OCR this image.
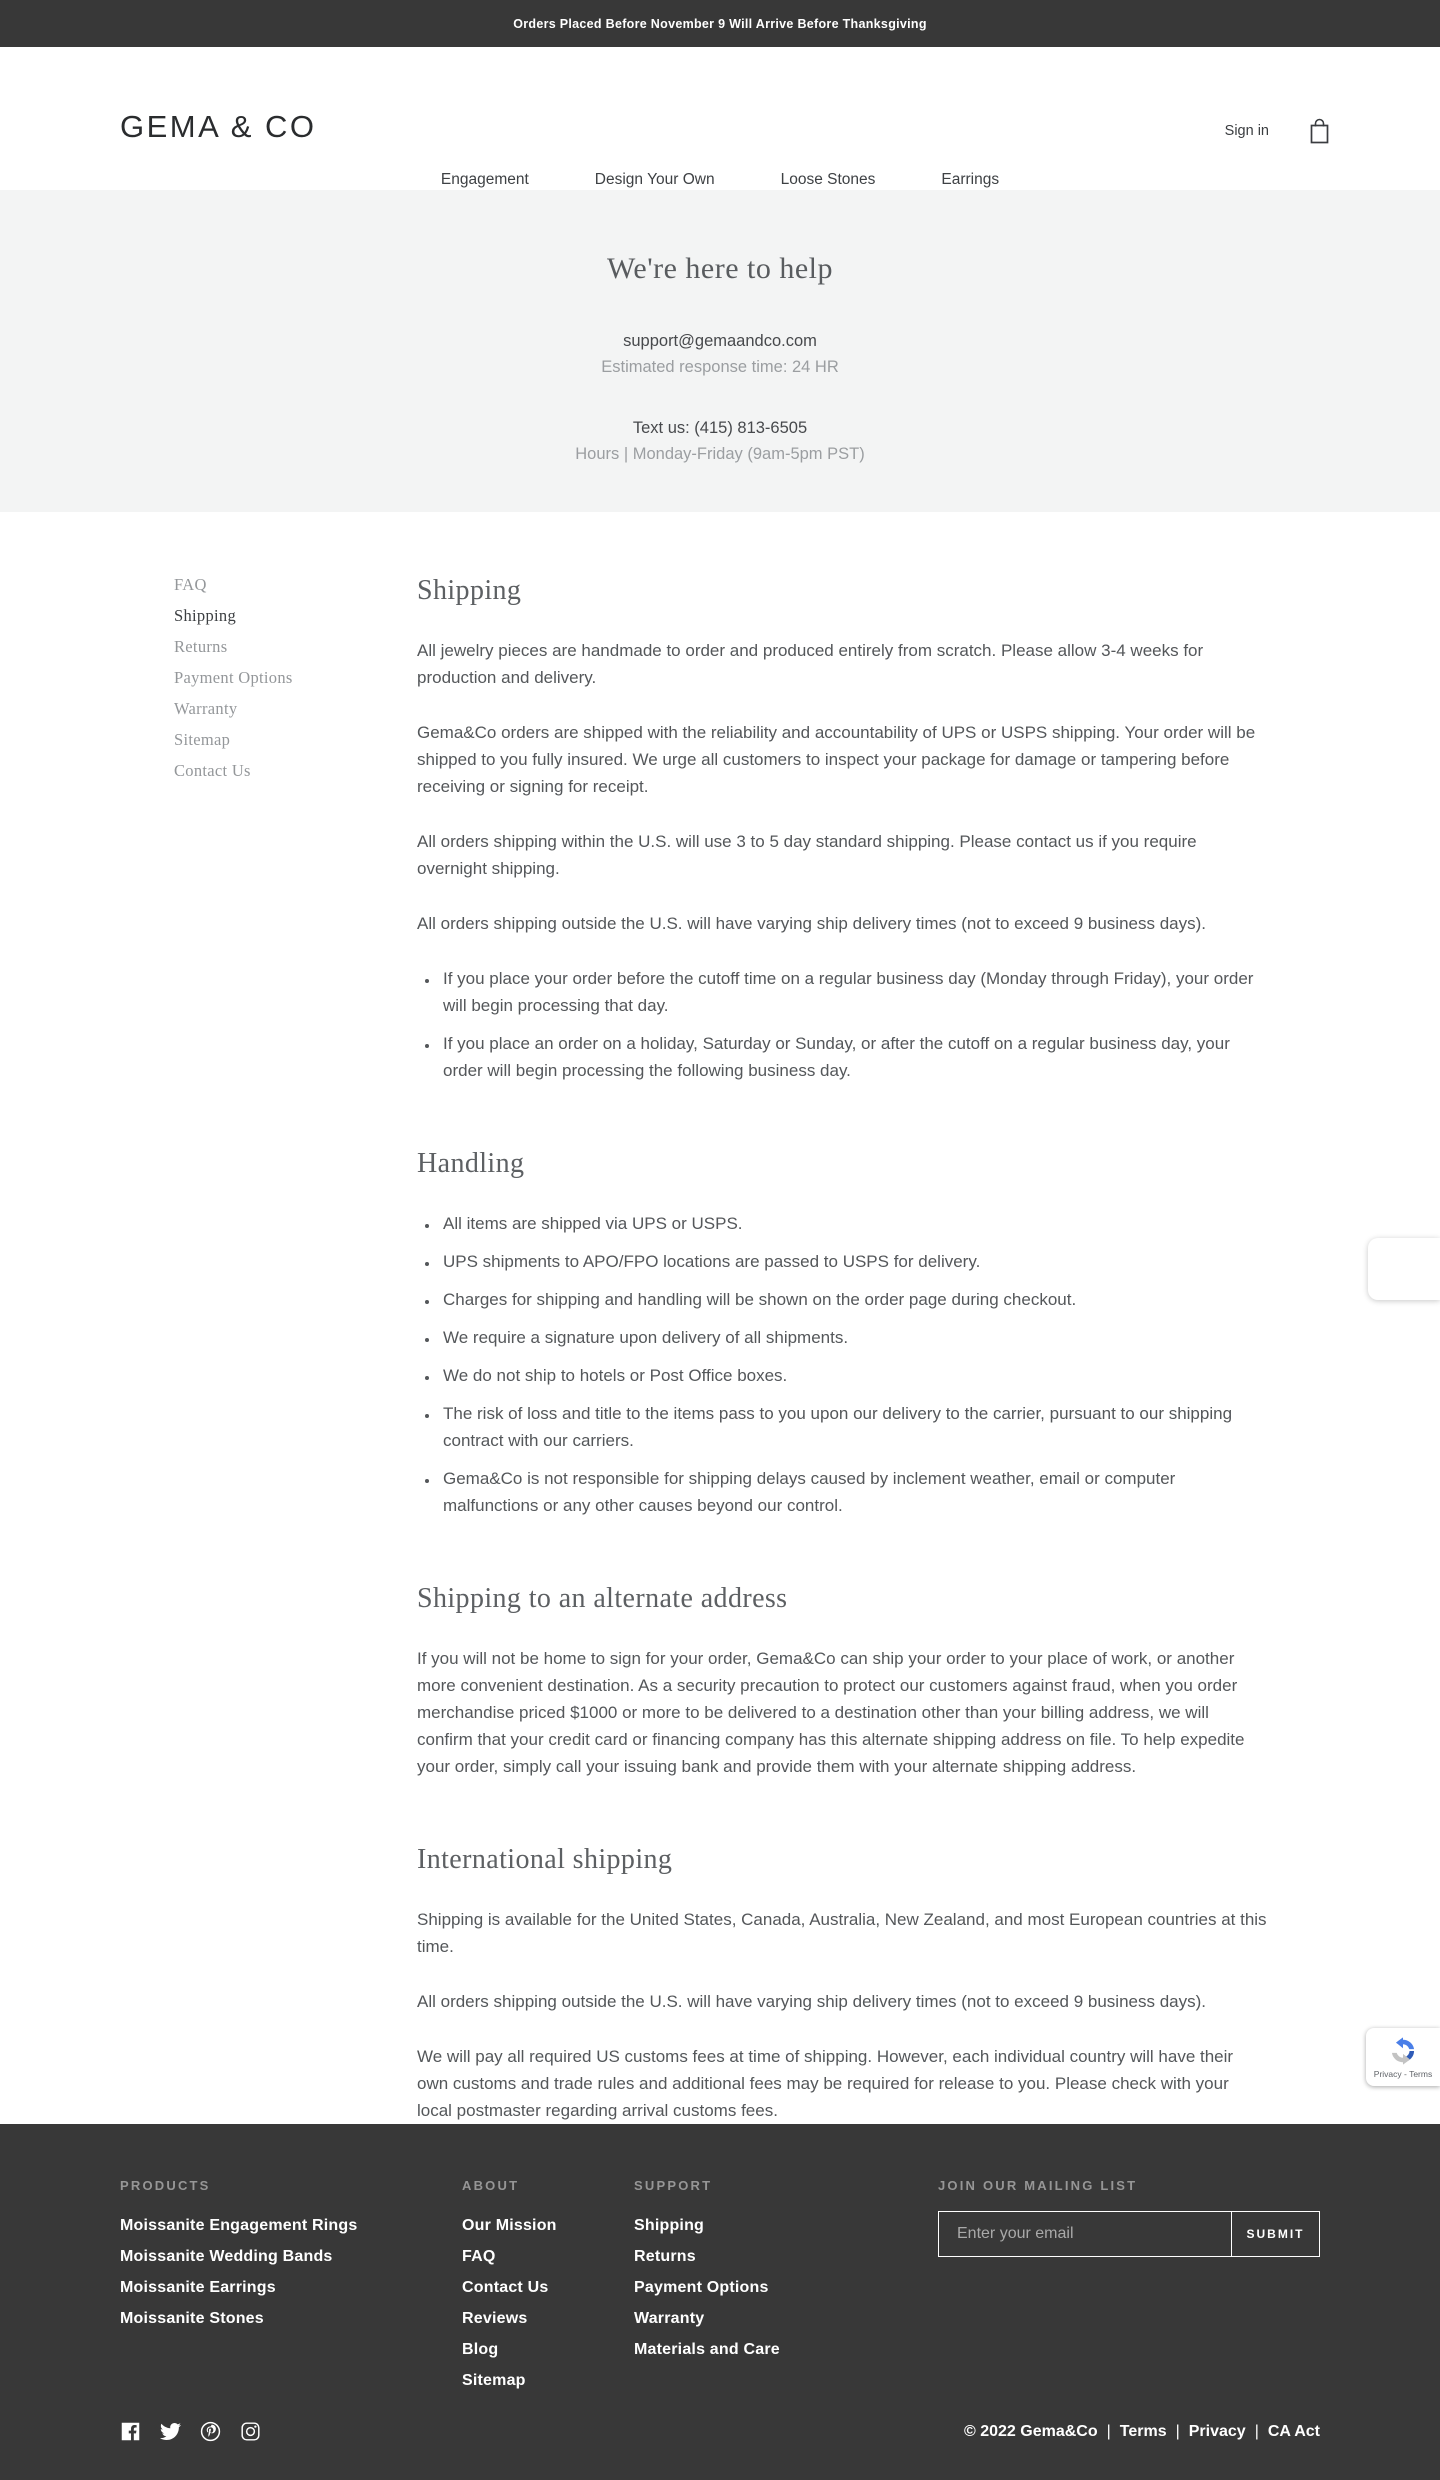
Orders Placed Before November 9 Will Arrive Before Thanksgiving
GEMA & CO	Sign in
Engagement	Design Your Own	Loose Stones	Earrings
We're here to help
support@gemaandco.com
Estimated response time: 24 HR
Text us: (415) 813-6505
Hours | Monday-Friday (9am-5pm PST)
FAQ
Shipping
Returns
Payment Options
Warranty
Sitemap
Contact Us
Shipping

All jewelry pieces are handmade to order and produced entirely from scratch. Please allow 3-4 weeks for production and delivery.

Gema&Co orders are shipped with the reliability and accountability of UPS or USPS shipping. Your order will be shipped to you fully insured. We urge all customers to inspect your package for damage or tampering before receiving or signing for receipt.

All orders shipping within the U.S. will use 3 to 5 day standard shipping. Please contact us if you require overnight shipping.

All orders shipping outside the U.S. will have varying ship delivery times (not to exceed 9 business days).

• If you place your order before the cutoff time on a regular business day (Monday through Friday), your order will begin processing that day.
• If you place an order on a holiday, Saturday or Sunday, or after the cutoff on a regular business day, your order will begin processing the following business day.
Handling
• All items are shipped via UPS or USPS.
• UPS shipments to APO/FPO locations are passed to USPS for delivery.
• Charges for shipping and handling will be shown on the order page during checkout.
• We require a signature upon delivery of all shipments.
• We do not ship to hotels or Post Office boxes.
• The risk of loss and title to the items pass to you upon our delivery to the carrier, pursuant to our shipping contract with our carriers.
• Gema&Co is not responsible for shipping delays caused by inclement weather, email or computer malfunctions or any other causes beyond our control.
Shipping to an alternate address

If you will not be home to sign for your order, Gema&Co can ship your order to your place of work, or another more convenient destination. As a security precaution to protect our customers against fraud, when you order merchandise priced $1000 or more to be delivered to a destination other than your billing address, we will confirm that your credit card or financing company has this alternate shipping address on file. To help expedite your order, simply call your issuing bank and provide them with your alternate shipping address.

International shipping

Shipping is available for the United States, Canada, Australia, New Zealand, and most European countries at this time.

All orders shipping outside the U.S. will have varying ship delivery times (not to exceed 9 business days).

We will pay all required US customs fees at time of shipping. However, each individual country will have their own customs and trade rules and additional fees may be required for release to you. Please check with your local postmaster regarding arrival customs fees.

PRODUCTS
Moissanite Engagement Rings
Moissanite Wedding Bands
Moissanite Earrings
Moissanite Stones
ABOUT
Our Mission
FAQ
Contact Us
Reviews
Blog
Sitemap
SUPPORT
Shipping
Returns
Payment Options
Warranty
Materials and Care
JOIN OUR MAILING LIST
Enter your email
SUBMIT
© 2022 Gema&Co | Terms | Privacy | CA Act
Privacy - Terms
